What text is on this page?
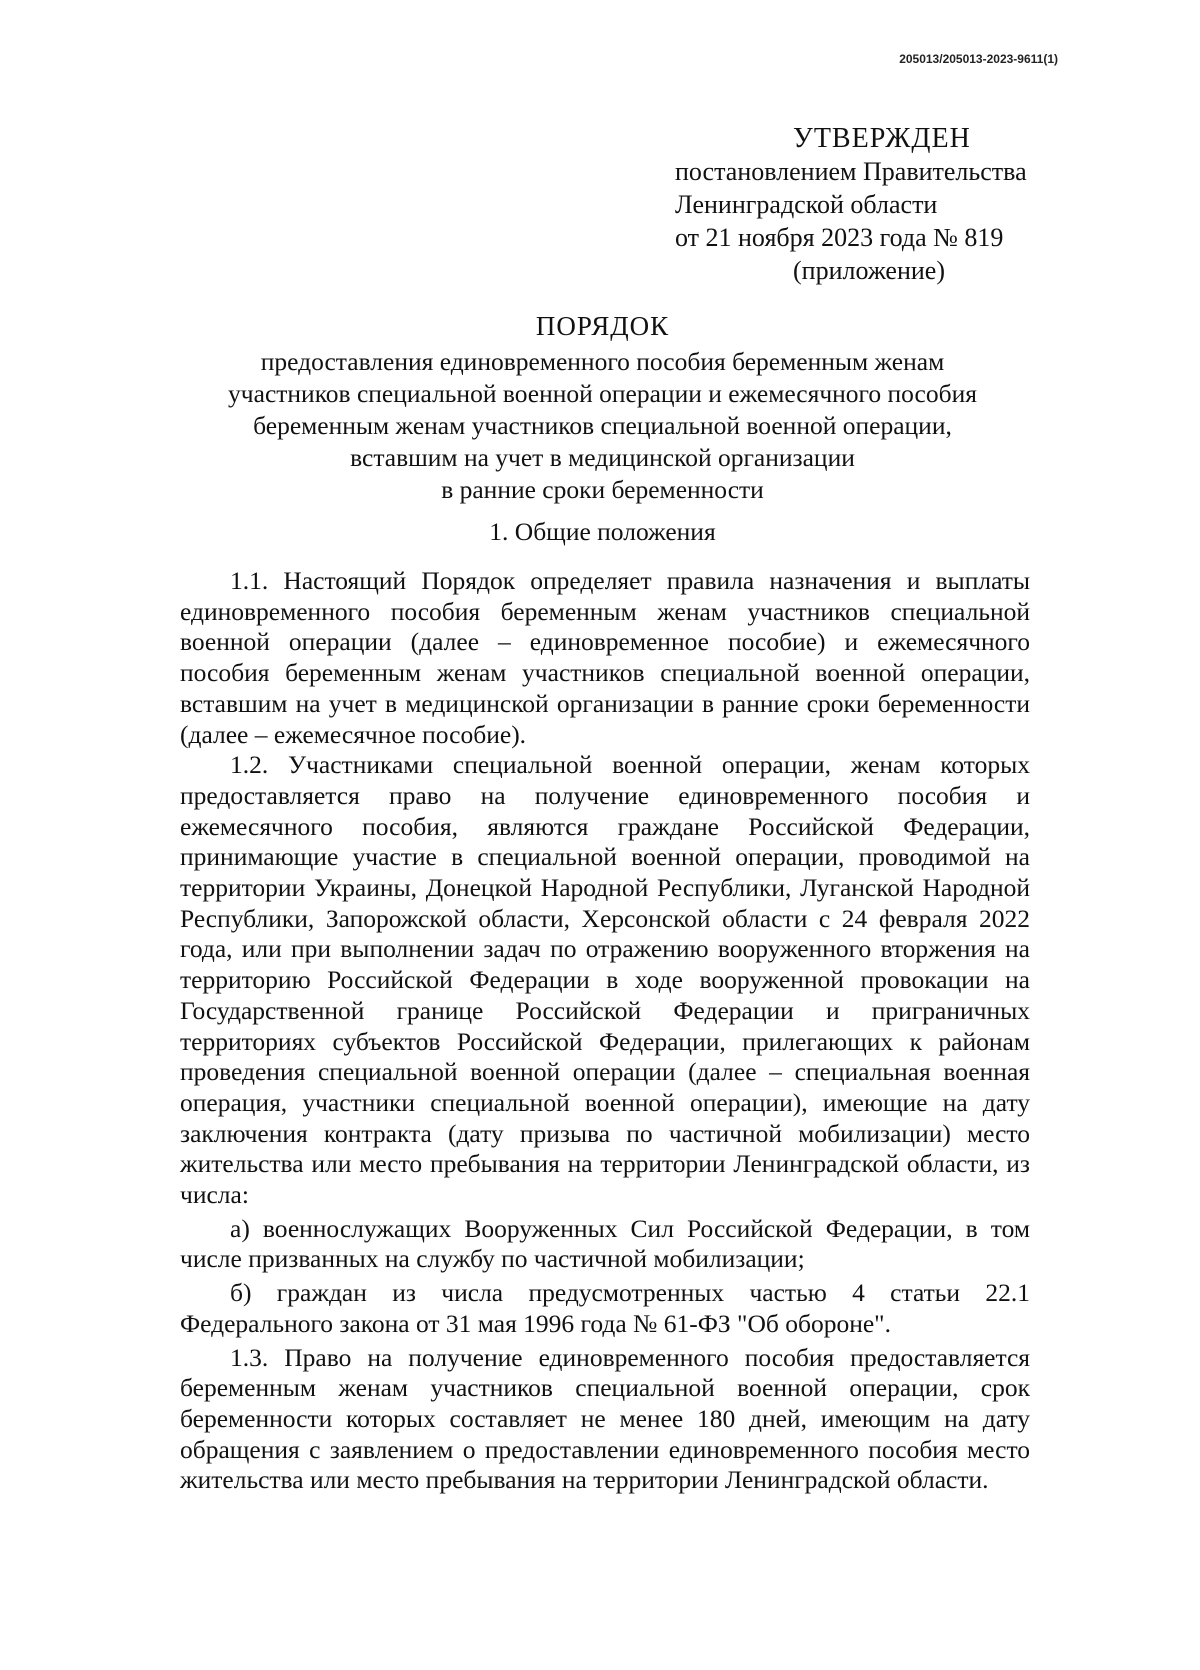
205013/205013-2023-9611(1)
УТВЕРЖДЕН
постановлением Правительства
Ленинградской области
от 21 ноября 2023 года № 819
(приложение)
ПОРЯДОК
предоставления единовременного пособия беременным женам
участников специальной военной операции и ежемесячного пособия
беременным женам участников специальной военной операции,
вставшим на учет в медицинской организации
в ранние сроки беременности
1. Общие положения

1.1. Настоящий Порядок определяет правила назначения и выплаты единовременного пособия беременным женам участников специальной военной операции (далее – единовременное пособие) и ежемесячного пособия беременным женам участников специальной военной операции, вставшим на учет в медицинской организации в ранние сроки беременности (далее – ежемесячное пособие).

1.2. Участниками специальной военной операции, женам которых предоставляется право на получение единовременного пособия и ежемесячного пособия, являются граждане Российской Федерации, принимающие участие в специальной военной операции, проводимой на территории Украины, Донецкой Народной Республики, Луганской Народной Республики, Запорожской области, Херсонской области с 24 февраля 2022 года, или при выполнении задач по отражению вооруженного вторжения на территорию Российской Федерации в ходе вооруженной провокации на Государственной границе Российской Федерации и приграничных территориях субъектов Российской Федерации, прилегающих к районам проведения специальной военной операции (далее – специальная военная операция, участники специальной военной операции), имеющие на дату заключения контракта (дату призыва по частичной мобилизации) место жительства или место пребывания на территории Ленинградской области, из числа:

а) военнослужащих Вооруженных Сил Российской Федерации, в том числе призванных на службу по частичной мобилизации;

б) граждан из числа предусмотренных частью 4 статьи 22.1 Федерального закона от 31 мая 1996 года № 61-ФЗ "Об обороне".

1.3. Право на получение единовременного пособия предоставляется беременным женам участников специальной военной операции, срок беременности которых составляет не менее 180 дней, имеющим на дату обращения с заявлением о предоставлении единовременного пособия место жительства или место пребывания на территории Ленинградской области.
